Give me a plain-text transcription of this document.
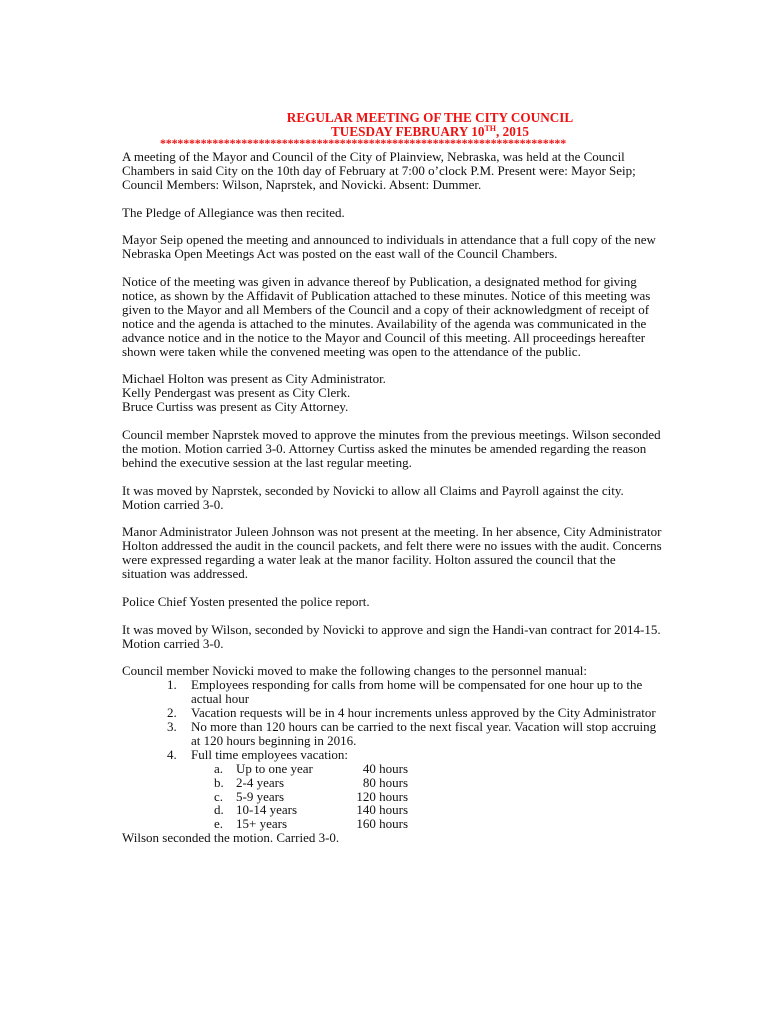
REGULAR MEETING OF THE CITY COUNCIL
TUESDAY FEBRUARY 10TH, 2015
**********************************************************************

A meeting of the Mayor and Council of the City of Plainview, Nebraska, was held at the Council Chambers in said City on the 10th day of February at 7:00 o’clock P.M. Present were: Mayor Seip; Council Members: Wilson, Naprstek, and Novicki. Absent: Dummer.

The Pledge of Allegiance was then recited.

Mayor Seip opened the meeting and announced to individuals in attendance that a full copy of the new Nebraska Open Meetings Act was posted on the east wall of the Council Chambers.

Notice of the meeting was given in advance thereof by Publication, a designated method for giving notice, as shown by the Affidavit of Publication attached to these minutes. Notice of this meeting was given to the Mayor and all Members of the Council and a copy of their acknowledgment of receipt of notice and the agenda is attached to the minutes. Availability of the agenda was communicated in the advance notice and in the notice to the Mayor and Council of this meeting. All proceedings hereafter shown were taken while the convened meeting was open to the attendance of the public.

Michael Holton was present as City Administrator.
Kelly Pendergast was present as City Clerk.
Bruce Curtiss was present as City Attorney.

Council member Naprstek moved to approve the minutes from the previous meetings. Wilson seconded the motion. Motion carried 3-0. Attorney Curtiss asked the minutes be amended regarding the reason behind the executive session at the last regular meeting.

It was moved by Naprstek, seconded by Novicki to allow all Claims and Payroll against the city. Motion carried 3-0.

Manor Administrator Juleen Johnson was not present at the meeting. In her absence, City Administrator Holton addressed the audit in the council packets, and felt there were no issues with the audit. Concerns were expressed regarding a water leak at the manor facility. Holton assured the council that the situation was addressed.

Police Chief Yosten presented the police report.

It was moved by Wilson, seconded by Novicki to approve and sign the Handi-van contract for 2014-15. Motion carried 3-0.

Council member Novicki moved to make the following changes to the personnel manual:

1. Employees responding for calls from home will be compensated for one hour up to the actual hour
2. Vacation requests will be in 4 hour increments unless approved by the City Administrator
3. No more than 120 hours can be carried to the next fiscal year. Vacation will stop accruing at 120 hours beginning in 2016.
4. Full time employees vacation:
a. Up to one year	40 hours
b. 2-4 years	80 hours
c. 5-9 years	120 hours
d. 10-14 years	140 hours
e. 15+ years	160 hours

Wilson seconded the motion. Carried 3-0.
